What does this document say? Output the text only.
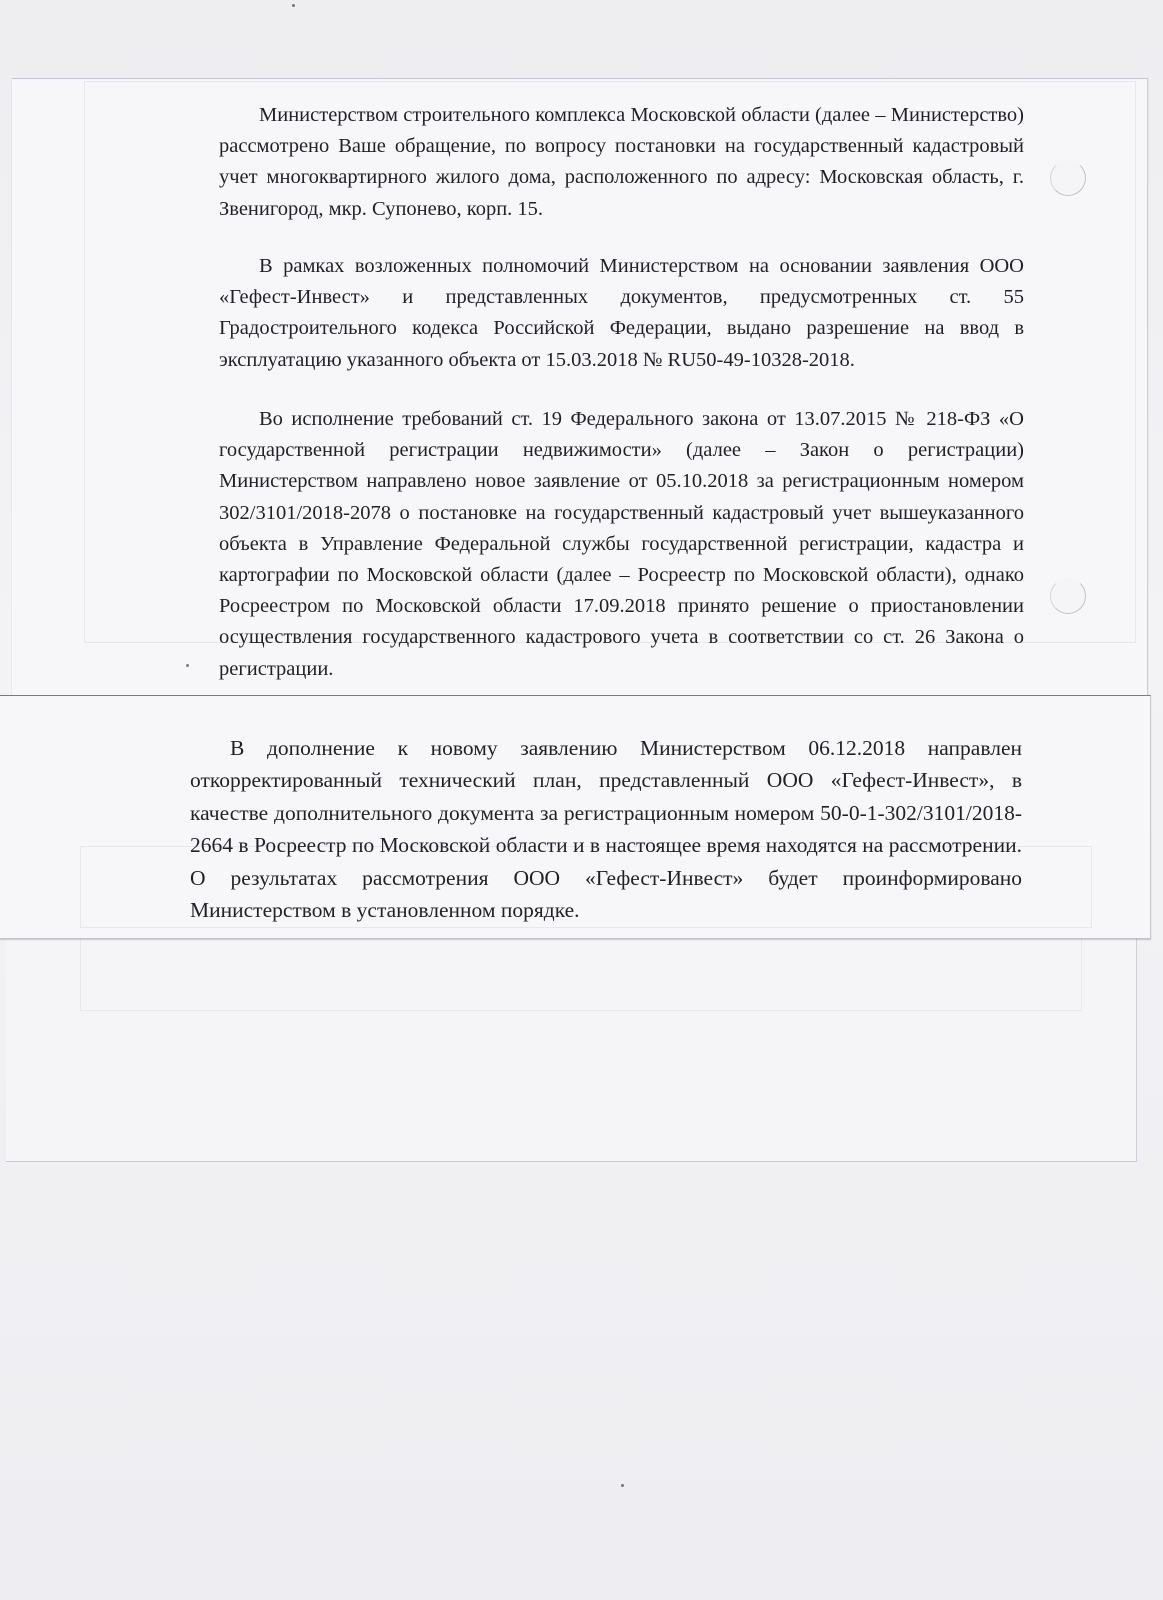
Министерством строительного комплекса Московской области (далее – Министерство) рассмотрено Ваше обращение, по вопросу постановки на государственный кадастровый учет многоквартирного жилого дома, расположенного по адресу: Московская область, г. Звенигород, мкр. Супонево, корп. 15.

В рамках возложенных полномочий Министерством на основании заявления ООО «Гефест-Инвест» и представленных документов, предусмотренных ст. 55 Градостроительного кодекса Российской Федерации, выдано разрешение на ввод в эксплуатацию указанного объекта от 15.03.2018 № RU50-49-10328-2018.

Во исполнение требований ст. 19 Федерального закона от 13.07.2015 № 218-ФЗ «О государственной регистрации недвижимости» (далее – Закон о регистрации) Министерством направлено новое заявление от 05.10.2018 за регистрационным номером 302/3101/2018-2078 о постановке на государственный кадастровый учет вышеуказанного объекта в Управление Федеральной службы государственной регистрации, кадастра и картографии по Московской области (далее – Росреестр по Московской области), однако Росреестром по Московской области 17.09.2018 принято решение о приостановлении осуществления государственного кадастрового учета в соответствии со ст. 26 Закона о регистрации.

В дополнение к новому заявлению Министерством 06.12.2018 направлен откорректированный технический план, представленный ООО «Гефест-Инвест», в качестве дополнительного документа за регистрационным номером 50-0-1-302/3101/2018-2664 в Росреестр по Московской области и в настоящее время находятся на рассмотрении. О результатах рассмотрения ООО «Гефест-Инвест» будет проинформировано Министерством в установленном порядке.
